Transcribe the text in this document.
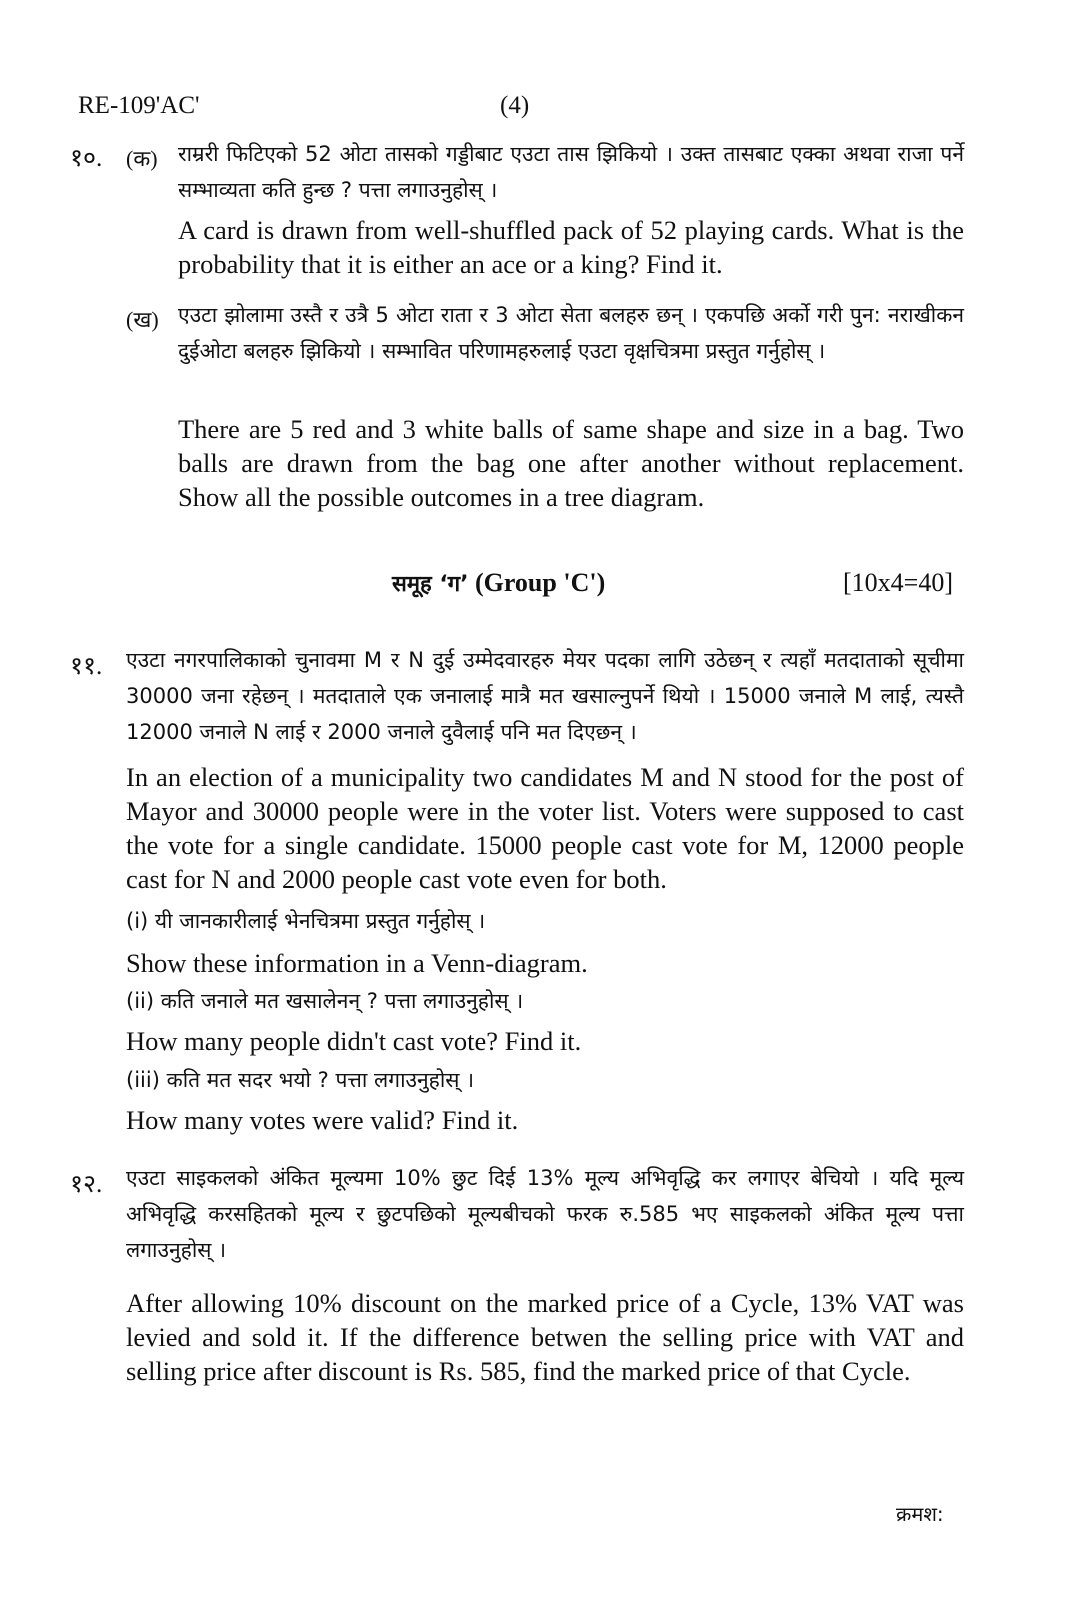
RE-109'AC'	(4)
१०. (क) राम्ररी फिटिएको 52 ओटा तासको गड्डीबाट एउटा तास झिकियो । उक्त तासबाट एक्का अथवा राजा पर्ने सम्भाव्यता कति हुन्छ ? पत्ता लगाउनुहोस् ।
A card is drawn from well-shuffled pack of 52 playing cards. What is the probability that it is either an ace or a king? Find it.
(ख) एउटा झोलामा उस्तै र उत्रै 5 ओटा राता र 3 ओटा सेता बलहरु छन् । एकपछि अर्को गरी पुन: नराखीकन दुईओटा बलहरु झिकियो । सम्भावित परिणामहरुलाई एउटा वृक्षचित्रमा प्रस्तुत गर्नुहोस् ।
There are 5 red and 3 white balls of same shape and size in a bag. Two balls are drawn from the bag one after another without replacement. Show all the possible outcomes in a tree diagram.
समूह ‘ग’ (Group 'C')	[10x4=40]
११. एउटा नगरपालिकाको चुनावमा M र N दुई उम्मेदवारहरु मेयर पदका लागि उठेछन् र त्यहाँ मतदाताको सूचीमा 30000 जना रहेछन् । मतदाताले एक जनालाई मात्रै मत खसाल्नुपर्ने थियो । 15000 जनाले M लाई, त्यस्तै 12000 जनाले N लाई र 2000 जनाले दुवैलाई पनि मत दिएछन् ।
In an election of a municipality two candidates M and N stood for the post of Mayor and 30000 people were in the voter list. Voters were supposed to cast the vote for a single candidate. 15000 people cast vote for M, 12000 people cast for N and 2000 people cast vote even for both.
(i) यी जानकारीलाई भेनचित्रमा प्रस्तुत गर्नुहोस् ।
Show these information in a Venn-diagram.
(ii) कति जनाले मत खसालेनन् ? पत्ता लगाउनुहोस् ।
How many people didn't cast vote? Find it.
(iii) कति मत सदर भयो ? पत्ता लगाउनुहोस् ।
How many votes were valid? Find it.
१२. एउटा साइकलको अंकित मूल्यमा 10% छुट दिई 13% मूल्य अभिवृद्धि कर लगाएर बेचियो । यदि मूल्य अभिवृद्धि करसहितको मूल्य र छुटपछिको मूल्यबीचको फरक रु.585 भए साइकलको अंकित मूल्य पत्ता लगाउनुहोस् ।
After allowing 10% discount on the marked price of a Cycle, 13% VAT was levied and sold it. If the difference betwen the selling price with VAT and selling price after discount is Rs. 585, find the marked price of that Cycle.
क्रमश:
